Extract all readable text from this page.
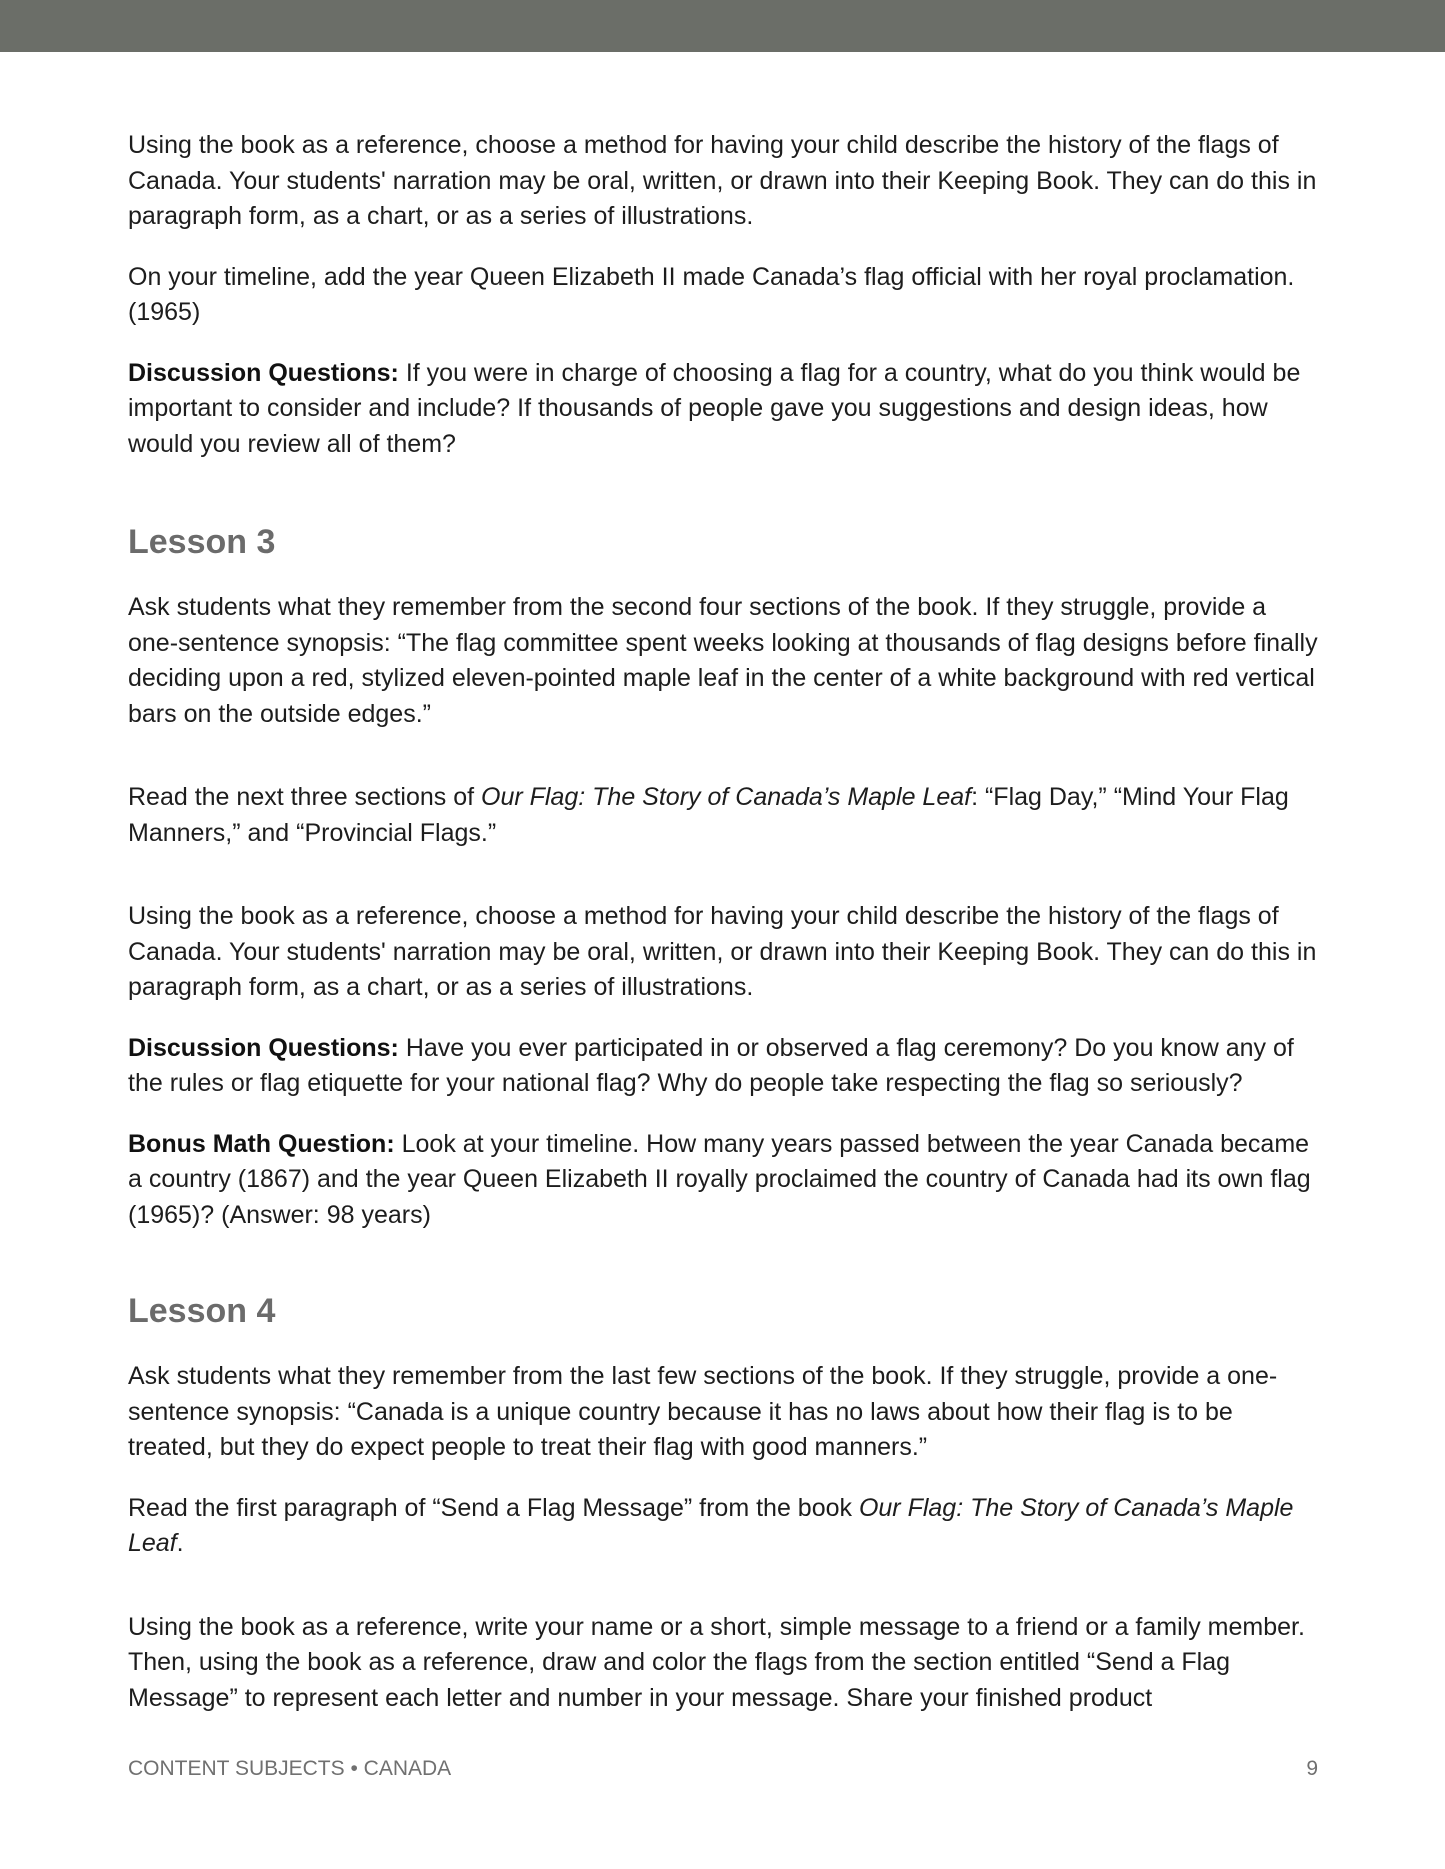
Using the book as a reference, choose a method for having your child describe the history of the flags of Canada. Your students' narration may be oral, written, or drawn into their Keeping Book. They can do this in paragraph form, as a chart, or as a series of illustrations.

On your timeline, add the year Queen Elizabeth II made Canada’s flag official with her royal proclamation. (1965)

Discussion Questions: If you were in charge of choosing a flag for a country, what do you think would be important to consider and include? If thousands of people gave you suggestions and design ideas, how would you review all of them?

Lesson 3

Ask students what they remember from the second four sections of the book. If they struggle, provide a one-sentence synopsis: “The flag committee spent weeks looking at thousands of flag designs before finally deciding upon a red, stylized eleven-pointed maple leaf in the center of a white background with red vertical bars on the outside edges.”

Read the next three sections of Our Flag: The Story of Canada’s Maple Leaf: “Flag Day,” “Mind Your Flag Manners,” and “Provincial Flags.”

Using the book as a reference, choose a method for having your child describe the history of the flags of Canada. Your students' narration may be oral, written, or drawn into their Keeping Book. They can do this in paragraph form, as a chart, or as a series of illustrations.

Discussion Questions: Have you ever participated in or observed a flag ceremony? Do you know any of the rules or flag etiquette for your national flag? Why do people take respecting the flag so seriously?

Bonus Math Question: Look at your timeline. How many years passed between the year Canada became a country (1867) and the year Queen Elizabeth II royally proclaimed the country of Canada had its own flag (1965)? (Answer: 98 years)

Lesson 4

Ask students what they remember from the last few sections of the book. If they struggle, provide a one-sentence synopsis: “Canada is a unique country because it has no laws about how their flag is to be treated, but they do expect people to treat their flag with good manners.”

Read the first paragraph of “Send a Flag Message” from the book Our Flag: The Story of Canada’s Maple Leaf.

Using the book as a reference, write your name or a short, simple message to a friend or a family member. Then, using the book as a reference, draw and color the flags from the section entitled “Send a Flag Message” to represent each letter and number in your message. Share your finished product

CONTENT SUBJECTS • CANADA	9
